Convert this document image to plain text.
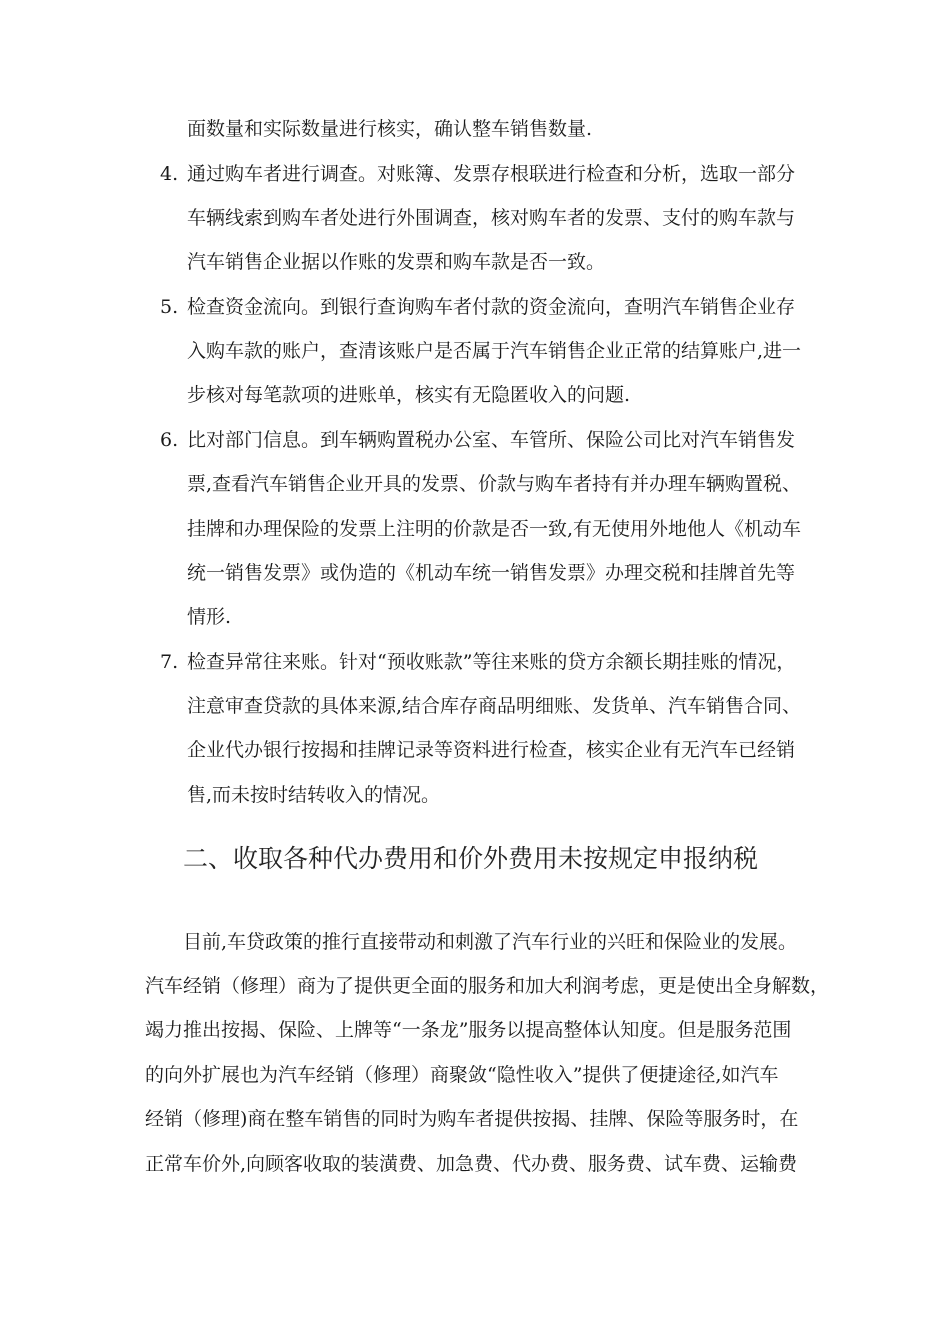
面数量和实际数量进行核实，确认整车销售数量.
4. 通过购车者进行调查。对账簿、发票存根联进行检查和分析，选取一部分
车辆线索到购车者处进行外围调查，核对购车者的发票、支付的购车款与
汽车销售企业据以作账的发票和购车款是否一致。
5. 检查资金流向。到银行查询购车者付款的资金流向，查明汽车销售企业存
入购车款的账户，查清该账户是否属于汽车销售企业正常的结算账户,进一
步核对每笔款项的进账单，核实有无隐匿收入的问题.
6. 比对部门信息。到车辆购置税办公室、车管所、保险公司比对汽车销售发
票,查看汽车销售企业开具的发票、价款与购车者持有并办理车辆购置税、
挂牌和办理保险的发票上注明的价款是否一致,有无使用外地他人《机动车
统一销售发票》或伪造的《机动车统一销售发票》办理交税和挂牌首先等
情形.
7. 检查异常往来账。针对“预收账款”等往来账的贷方余额长期挂账的情况，
注意审查贷款的具体来源,结合库存商品明细账、发货单、汽车销售合同、
企业代办银行按揭和挂牌记录等资料进行检查，核实企业有无汽车已经销
售,而未按时结转收入的情况。
二、收取各种代办费用和价外费用未按规定申报纳税
目前,车贷政策的推行直接带动和刺激了汽车行业的兴旺和保险业的发展。
汽车经销（修理）商为了提供更全面的服务和加大利润考虑，更是使出全身解数，
竭力推出按揭、保险、上牌等“一条龙”服务以提高整体认知度。但是服务范围
的向外扩展也为汽车经销（修理）商聚敛“隐性收入”提供了便捷途径,如汽车
经销（修理)商在整车销售的同时为购车者提供按揭、挂牌、保险等服务时，在
正常车价外,向顾客收取的装潢费、加急费、代办费、服务费、试车费、运输费
